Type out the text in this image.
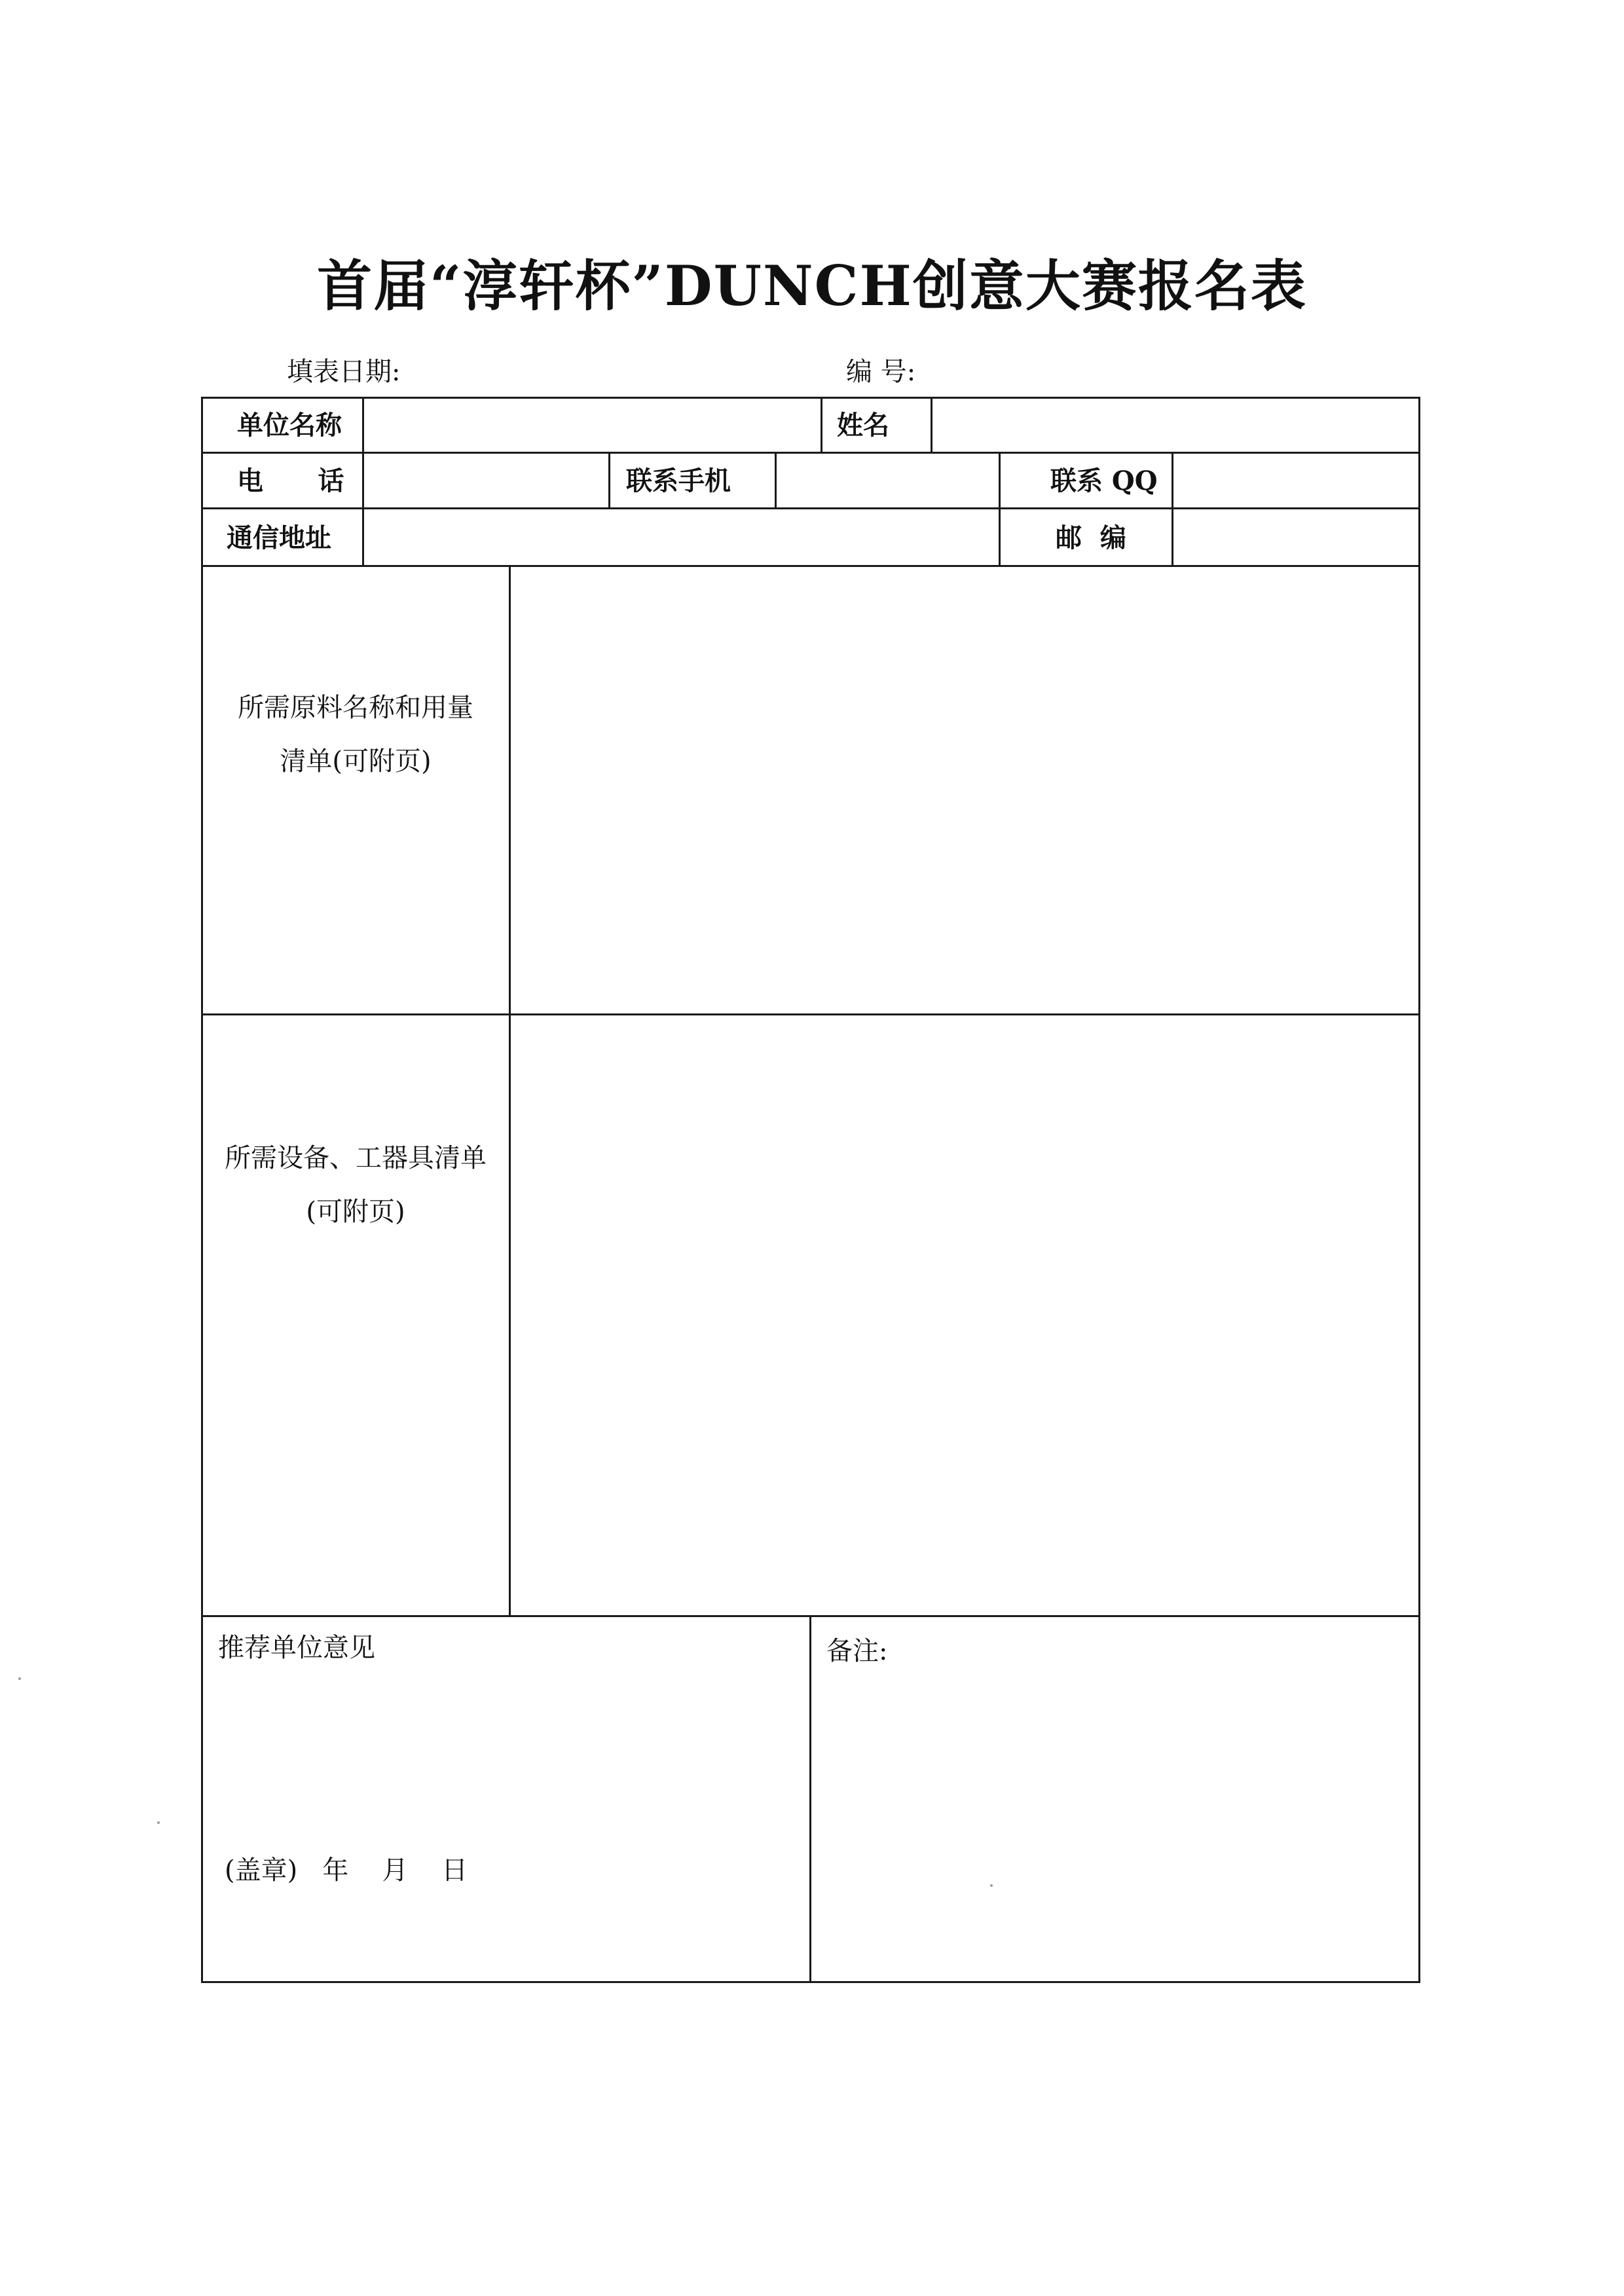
首届“淳轩杯”DUNCH创意大赛报名表
填表日期:	编 号:
单位名称	姓名
电      话	联系手机	联系 QQ
通信地址	邮  编
所需原料名称和用量
清单(可附页)
所需设备、工器具清单
(可附页)
推荐单位意见
(盖章)   年    月    日
备注:
